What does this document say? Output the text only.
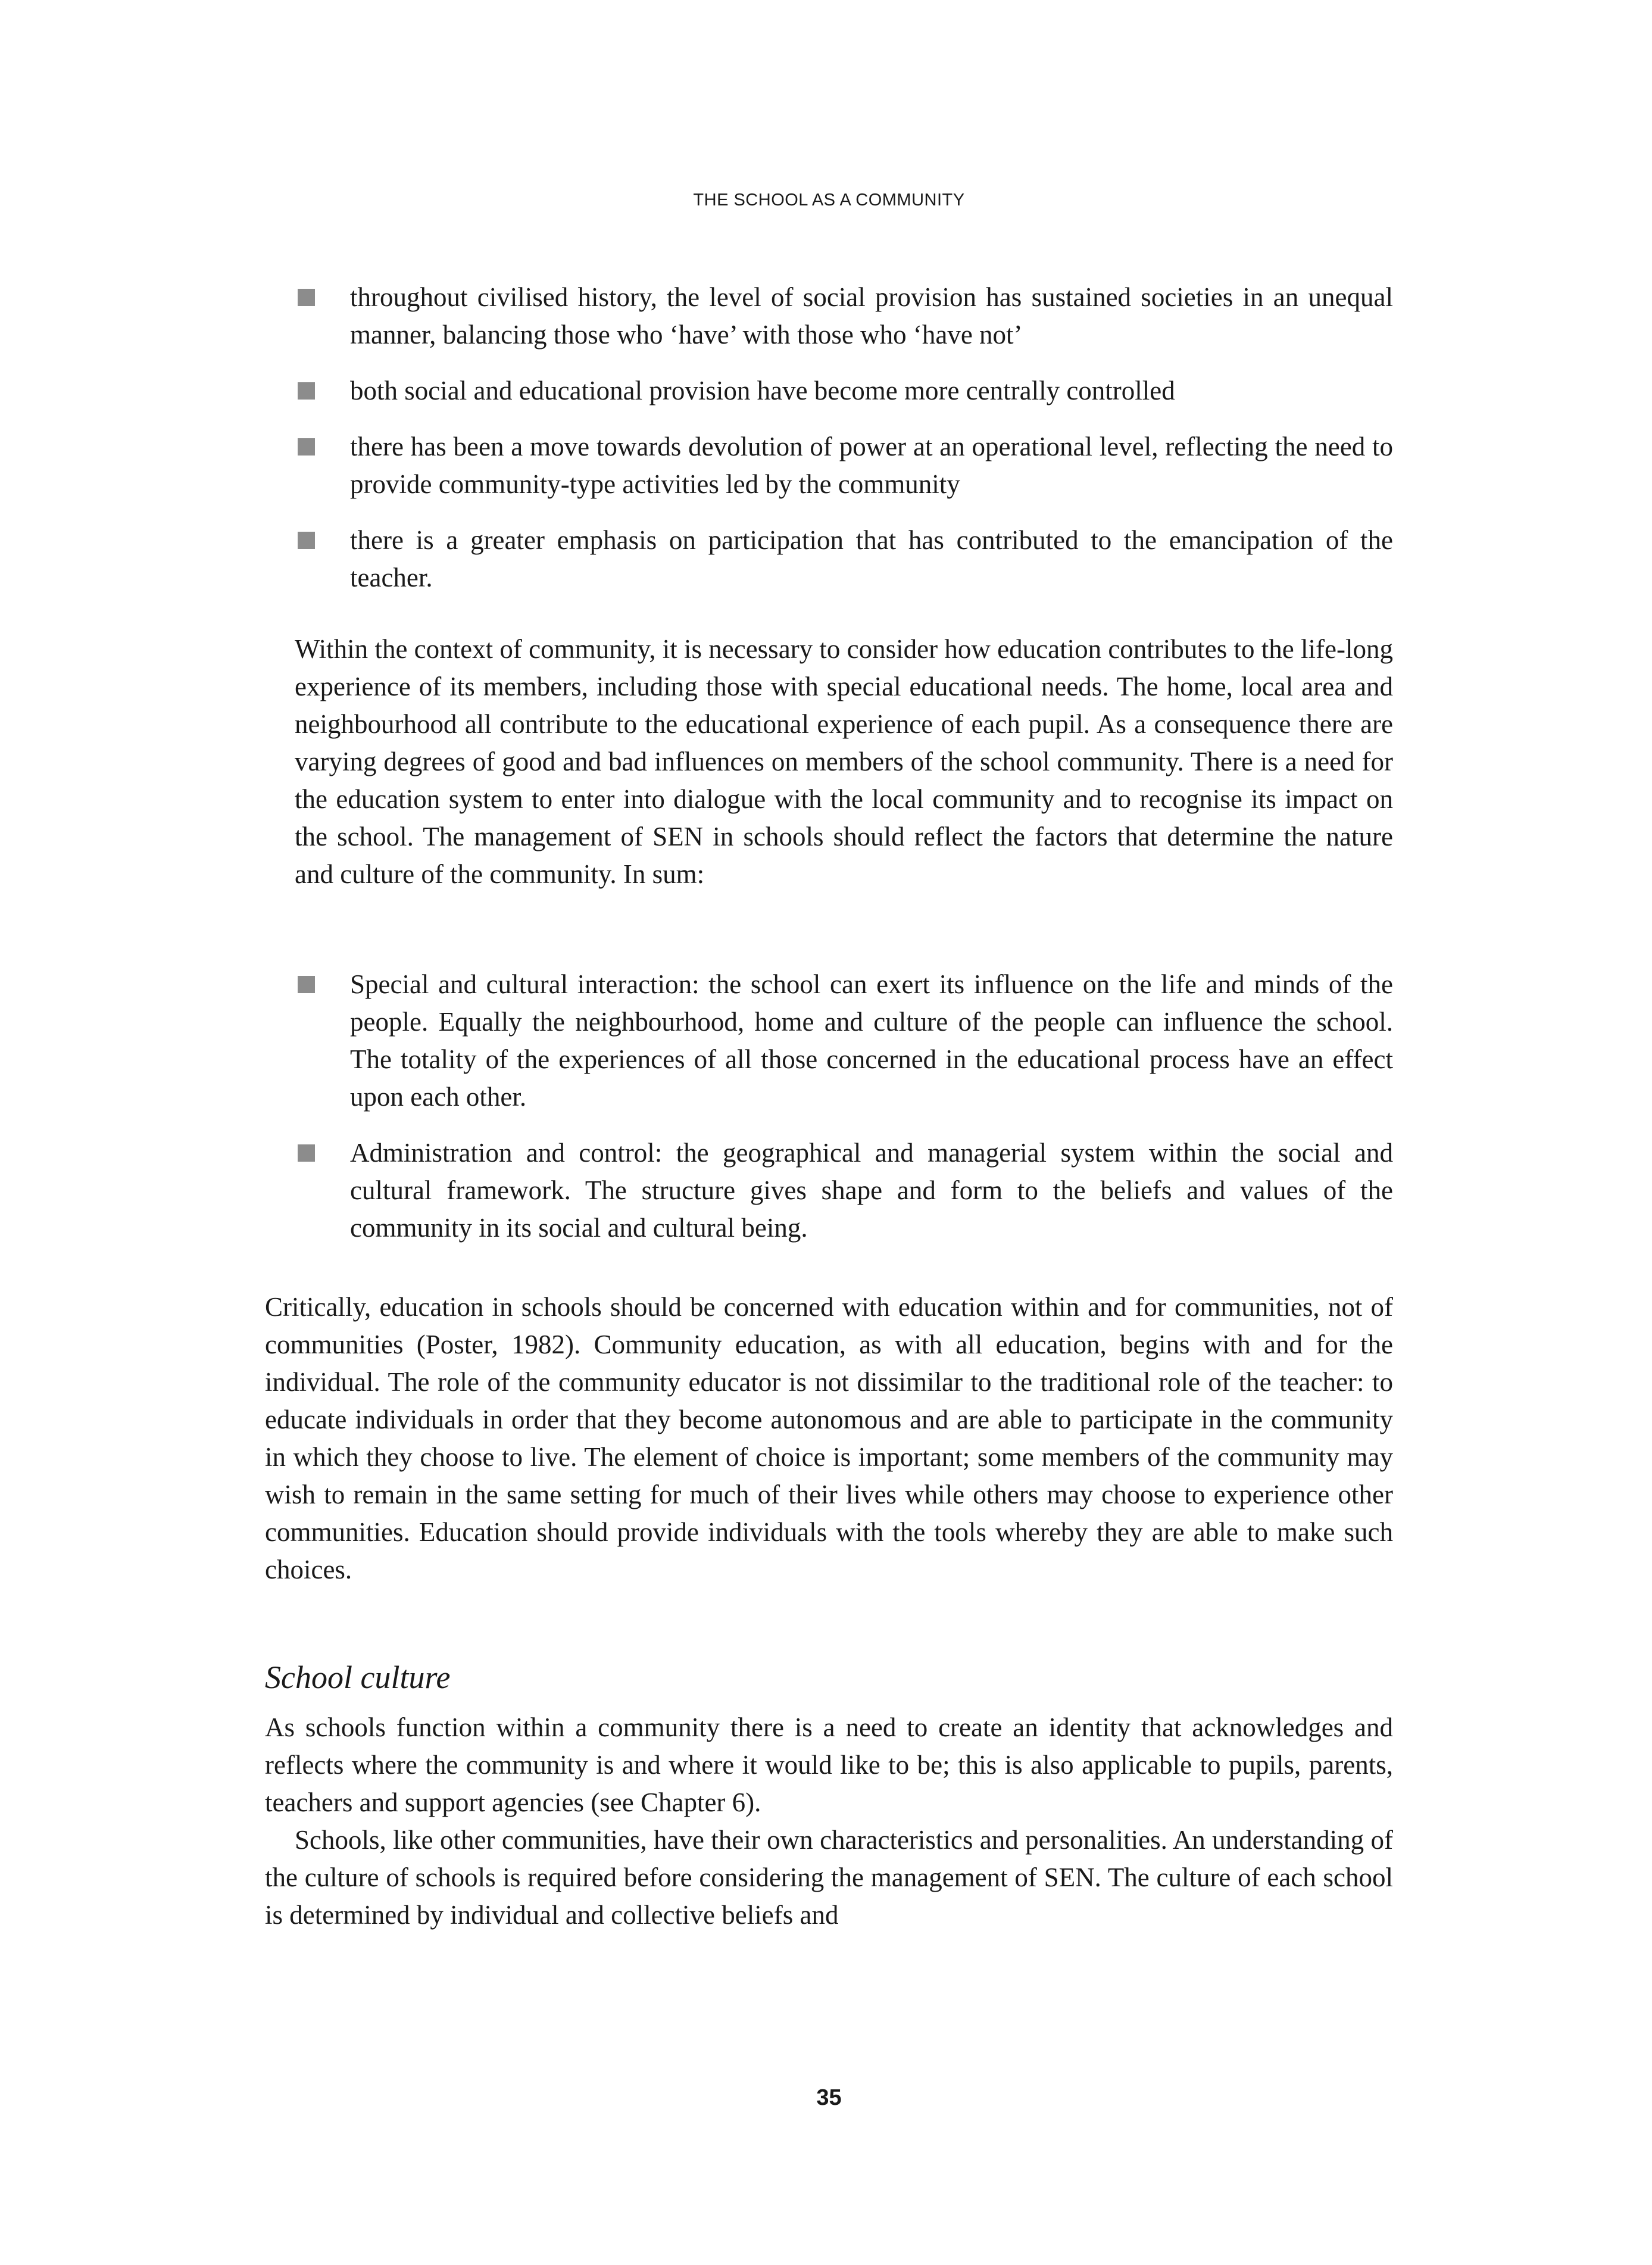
THE SCHOOL AS A COMMUNITY
throughout civilised history, the level of social provision has sustained societies in an unequal manner, balancing those who ‘have’ with those who ‘have not’
both social and educational provision have become more centrally controlled
there has been a move towards devolution of power at an operational level, reflecting the need to provide community-type activities led by the community
there is a greater emphasis on participation that has contributed to the emancipation of the teacher.

Within the context of community, it is necessary to consider how education contributes to the life-long experience of its members, including those with special educational needs. The home, local area and neighbourhood all contribute to the educational experience of each pupil. As a consequence there are varying degrees of good and bad influences on members of the school community. There is a need for the education system to enter into dialogue with the local community and to recognise its impact on the school. The management of SEN in schools should reflect the factors that determine the nature and culture of the community. In sum:

Special and cultural interaction: the school can exert its influence on the life and minds of the people. Equally the neighbourhood, home and culture of the people can influence the school. The totality of the experiences of all those concerned in the educational process have an effect upon each other.
Administration and control: the geographical and managerial system within the social and cultural framework. The structure gives shape and form to the beliefs and values of the community in its social and cultural being.

Critically, education in schools should be concerned with education within and for communities, not of communities (Poster, 1982). Community education, as with all education, begins with and for the individual. The role of the community educator is not dissimilar to the traditional role of the teacher: to educate individuals in order that they become autonomous and are able to participate in the community in which they choose to live. The element of choice is important; some members of the community may wish to remain in the same setting for much of their lives while others may choose to experience other communities. Education should provide individuals with the tools whereby they are able to make such choices.

School culture

As schools function within a community there is a need to create an identity that acknowledges and reflects where the community is and where it would like to be; this is also applicable to pupils, parents, teachers and support agencies (see Chapter 6).

Schools, like other communities, have their own characteristics and personalities. An understanding of the culture of schools is required before considering the management of SEN. The culture of each school is determined by individual and collective beliefs and

35
